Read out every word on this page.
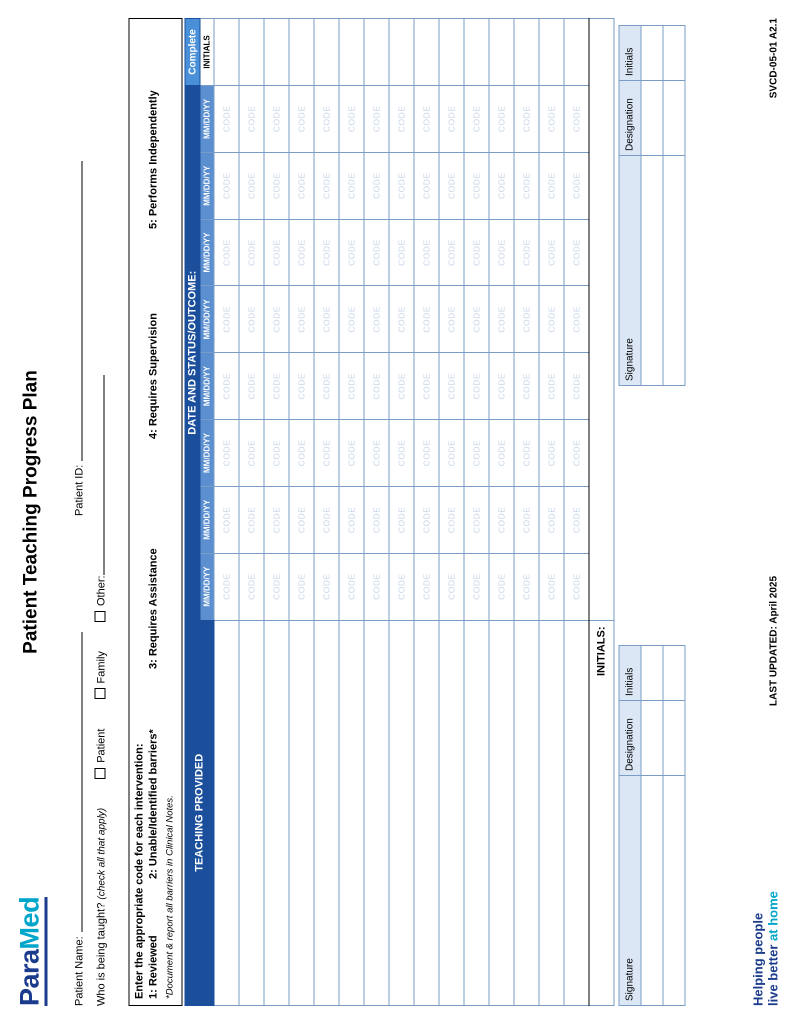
ParaMed
Patient Teaching Progress Plan
Patient Name:
Patient ID:
Who is being taught? (check all that apply) Patient Family Other:
Enter the appropriate code for each intervention: 1: Reviewed
2: Unable/Identified barriers*
3: Requires Assistance
4: Requires Supervision
5: Performs Independently
*Document & report all barriers in Clinical Notes. TEACHING PROVIDED	DATE AND STATUS/OUTCOME:								Complete
	MM/DD/YY	MM/DD/YY	MM/DD/YY	MM/DD/YY	MM/DD/YY	MM/DD/YY	MM/DD/YY	MM/DD/YY	INITIALS
	CODE	CODE	CODE	CODE	CODE	CODE	CODE	CODE	
	CODE	CODE	CODE	CODE	CODE	CODE	CODE	CODE	
	CODE	CODE	CODE	CODE	CODE	CODE	CODE	CODE	
	CODE	CODE	CODE	CODE	CODE	CODE	CODE	CODE	
	CODE	CODE	CODE	CODE	CODE	CODE	CODE	CODE	
	CODE	CODE	CODE	CODE	CODE	CODE	CODE	CODE	
	CODE	CODE	CODE	CODE	CODE	CODE	CODE	CODE	
	CODE	CODE	CODE	CODE	CODE	CODE	CODE	CODE	
	CODE	CODE	CODE	CODE	CODE	CODE	CODE	CODE	
	CODE	CODE	CODE	CODE	CODE	CODE	CODE	CODE	
	CODE	CODE	CODE	CODE	CODE	CODE	CODE	CODE	
	CODE	CODE	CODE	CODE	CODE	CODE	CODE	CODE	
	CODE	CODE	CODE	CODE	CODE	CODE	CODE	CODE	
	CODE	CODE	CODE	CODE	CODE	CODE	CODE	CODE	
	CODE	CODE	CODE	CODE	CODE	CODE	CODE	CODE	
INITIALS:									
Signature	Designation	Initials

Signature	Designation	Initials

Helping people live better at home
LAST UPDATED: April 2025
SVCD-05-01 A2.1
